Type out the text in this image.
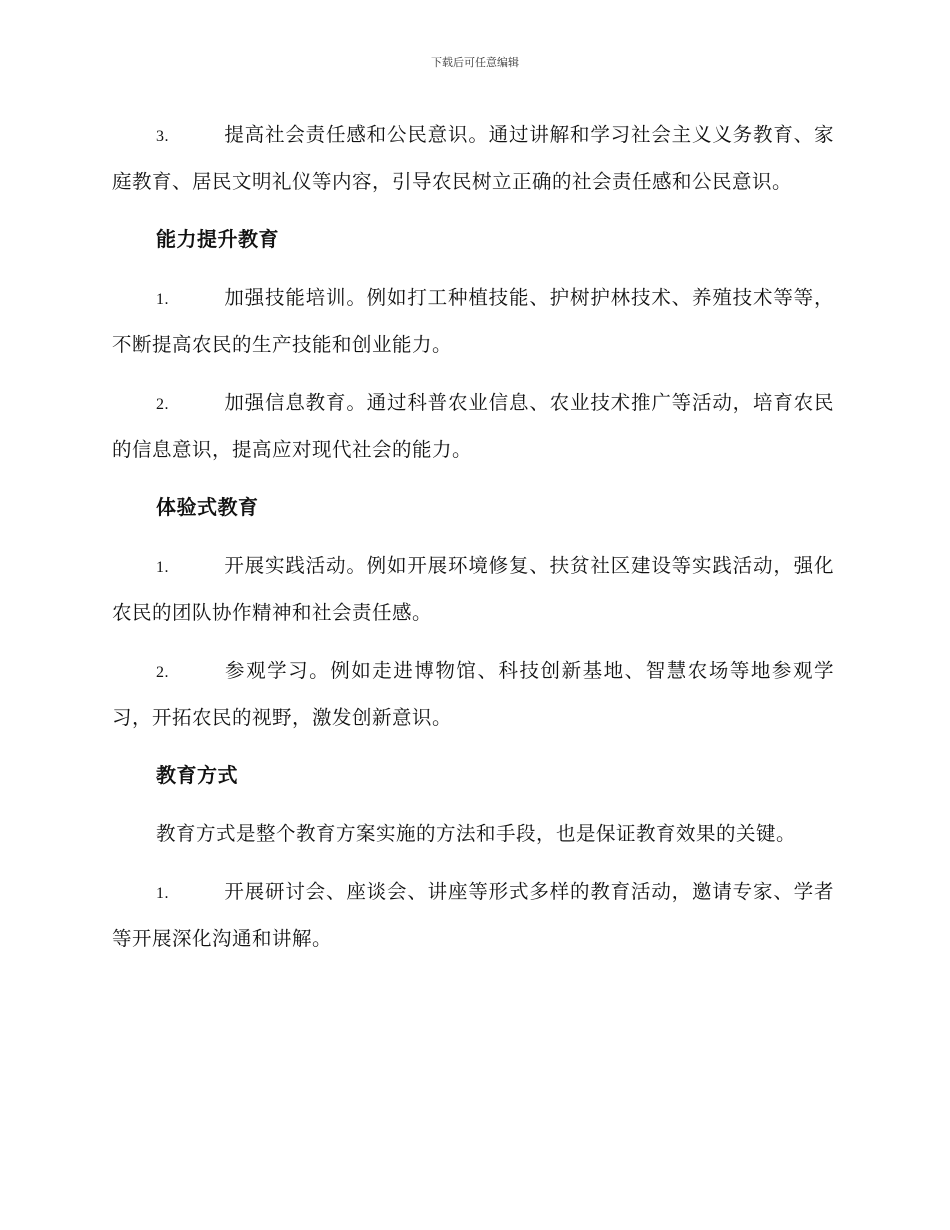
下载后可任意编辑

3.	提高社会责任感和公民意识。通过讲解和学习社会主义义务教育、家庭教育、居民文明礼仪等内容，引导农民树立正确的社会责任感和公民意识。

能力提升教育

1.	加强技能培训。例如打工种植技能、护树护林技术、养殖技术等等，不断提高农民的生产技能和创业能力。

2.	加强信息教育。通过科普农业信息、农业技术推广等活动，培育农民的信息意识，提高应对现代社会的能力。

体验式教育

1.	开展实践活动。例如开展环境修复、扶贫社区建设等实践活动，强化农民的团队协作精神和社会责任感。

2.	参观学习。例如走进博物馆、科技创新基地、智慧农场等地参观学习，开拓农民的视野，激发创新意识。

教育方式

教育方式是整个教育方案实施的方法和手段，也是保证教育效果的关键。

1.	开展研讨会、座谈会、讲座等形式多样的教育活动，邀请专家、学者等开展深化沟通和讲解。
